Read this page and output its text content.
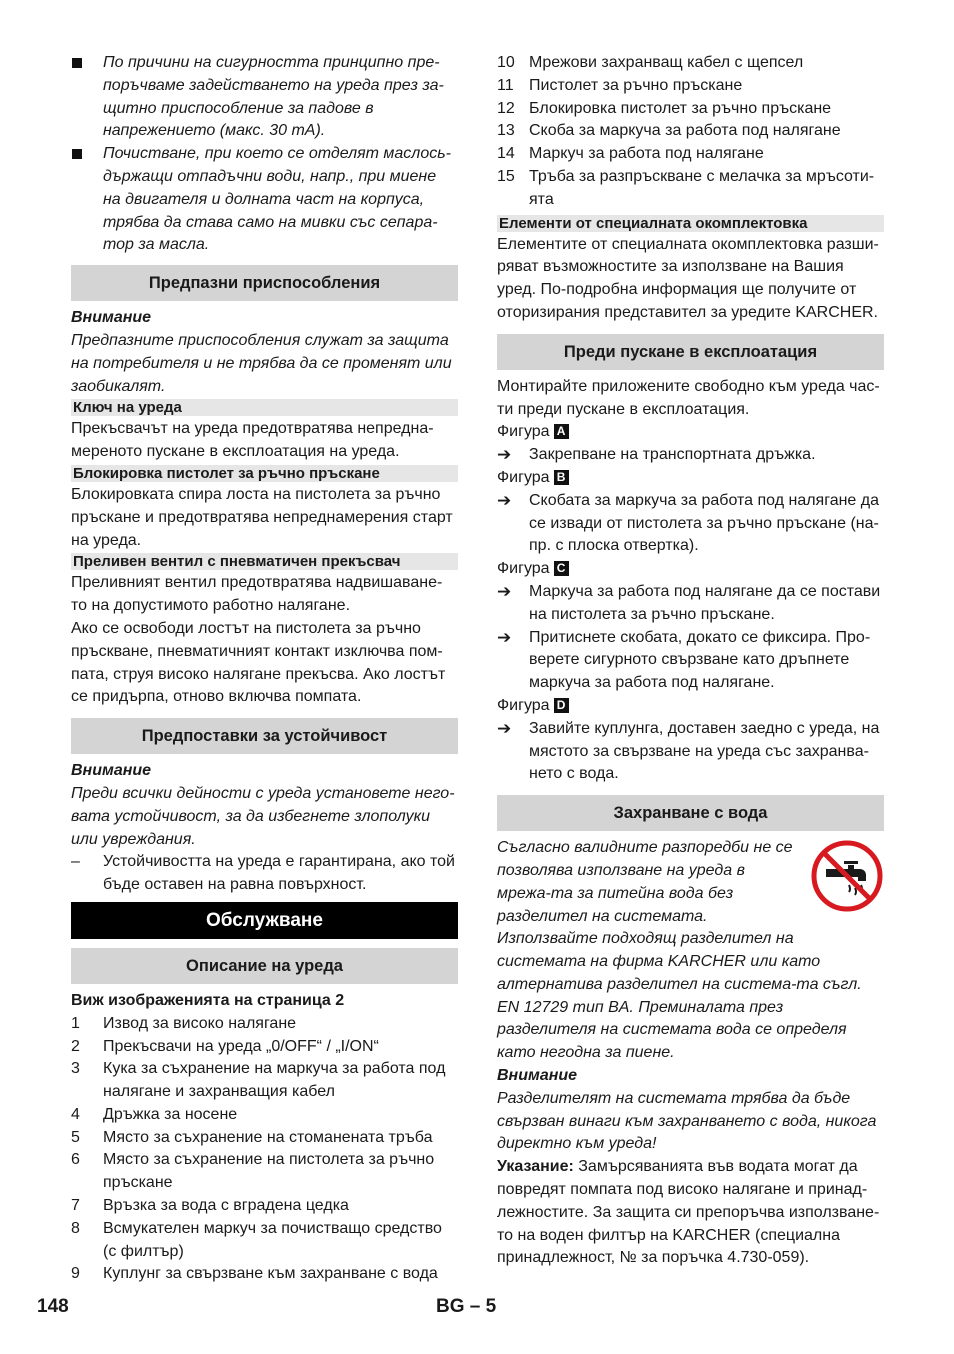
По причини на сигурността принципно пре-поръчваме задействането на уреда през за-щитно приспособление за падове в напрежението (макс. 30 mA).

Почистване, при което се отделят маслось-държащи отпадъчни води, напр., при миене на двигателя и долната част на корпуса, трябва да става само на мивки със сепара-тор за масла.

Предпазни приспособления

Внимание

Предпазните приспособления служат за защита на потребителя и не трябва да се променят или заобикалят.

Ключ на уреда

Прекъсвачът на уреда предотвратява непредна-мереното пускане в експлоатация на уреда.

Блокировка пистолет за ръчно пръскане

Блокировката спира лоста на пистолета за ръчно пръскане и предотвратява непреднамерения старт на уреда.

Преливен вентил с пневматичен прекъсвач

Преливният вентил предотвратява надвишаване-то на допустимото работно налягане.

Ако се освободи лостът на пистолета за ръчно пръскване, пневматичният контакт изключва пом-пата, струя високо налягане прекъсва. Ако лостът се придърпа, отново включва помпата.

Предпоставки за устойчивост

Внимание

Преди всички дейности с уреда установете него-вата устойчивост, за да избегнете злополуки или увреждания.

–	Устойчивостта на уреда е гарантирана, ако той бъде оставен на равна повърхност.

Обслужване
Описание на уреда

Виж изображенията на страница 2

1	Извод за високо налягане
2	Прекъсвачи на уреда „0/OFF“ / „I/ON“
3	Кука за съхранение на маркуча за работа под налягане и захранващия кабел
4	Дръжка за носене
5	Място за съхранение на стоманената тръба
6	Място за съхранение на пистолета за ръчно пръскане
7	Връзка за вода с вградена цедка
8	Всмукателен маркуч за почистващо средство (с филтър)
9	Куплунг за свързване към захранване с вода
10 Мрежови захранващ кабел с щепсел
11 Пистолет за ръчно пръскане
12 Блокировка пистолет за ръчно пръскане
13 Скоба за маркуча за работа под налягане
14 Маркуч за работа под налягане
15 Тръба за разпръскване с мелачка за мръсоти-ята
Елементи от специалната окомплектовка

Елементите от специалната окомплектовка разши-ряват възможностите за използване на Вашия уред. По-подробна информация ще получите от оторизирания представител за уредите KARCHER.

Преди пускане в експлоатация

Монтирайте приложените свободно към уреда час-ти преди пускане в експлоатация.

Фигура A

➔	Закрепване на транспортната дръжка.

Фигура B

➔	Скобата за маркуча за работа под налягане да се извади от пистолета за ръчно пръскане (на-пр. с плоска отвертка).

Фигура C

➔	Маркуча за работа под налягане да се постави на пистолета за ръчно пръскане.

➔	Притиснете скобата, докато се фиксира. Про-верете сигурното свързване като дръпнете маркуча за работа под налягане.

Фигура D

➔	Завийте куплунга, доставен заедно с уреда, на мястото за свързване на уреда със захранва-нето с вода.

Захранване с вода

Съгласно валидните разпоредби не се позволява използване на уреда в мрежа-та за питейна вода без разделител на системата. Използвайте подходящ разделител на системата на фирма KARCHER или като алтернатива разделител на система-та съгл. EN 12729 тип BA. Преминалата през разделителя на системата вода се определя като негодна за пиене.

Внимание

Разделителят на системата трябва да бъде свързван винаги към захранването с вода, никога директно към уреда!

Указание: Замърсяванията във водата могат да повредят помпата под високо налягане и принад-лежностите. За защита си препоръчва използване-то на воден филтър на KARCHER (специална принадлежност, № за поръчка 4.730-059).

148	BG – 5
